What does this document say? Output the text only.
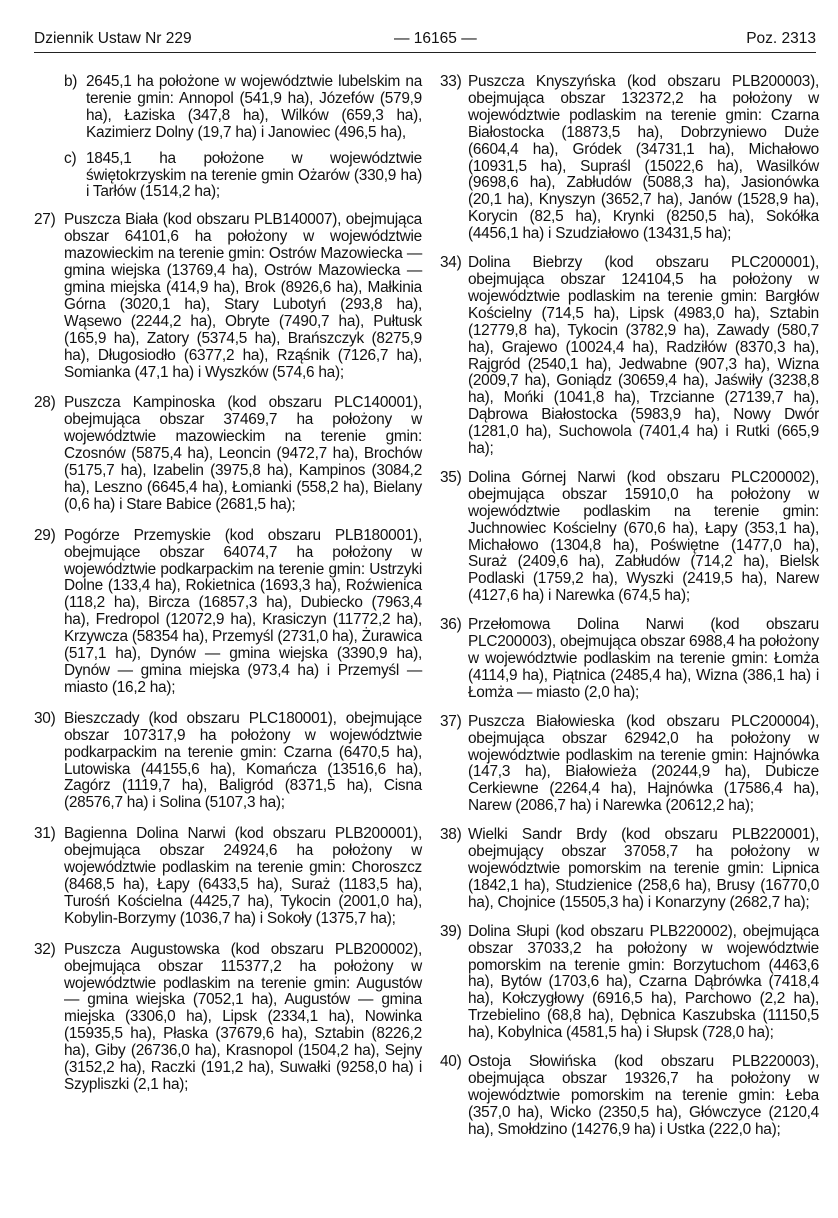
Dziennik Ustaw Nr 229	— 16165 —	Poz. 2313
b) 2645,1 ha położone w województwie lubelskim na terenie gmin: Annopol (541,9 ha), Józefów (579,9 ha), Łaziska (347,8 ha), Wilków (659,3 ha), Kazimierz Dolny (19,7 ha) i Janowiec (496,5 ha),
c) 1845,1 ha położone w województwie świętokrzyskim na terenie gmin Ożarów (330,9 ha) i Tarłów (1514,2 ha);
27) Puszcza Biała (kod obszaru PLB140007), obejmująca obszar 64101,6 ha położony w województwie mazowieckim na terenie gmin: Ostrów Mazowiecka — gmina wiejska (13769,4 ha), Ostrów Mazowiecka — gmina miejska (414,9 ha), Brok (8926,6 ha), Małkinia Górna (3020,1 ha), Stary Lubotyń (293,8 ha), Wąsewo (2244,2 ha), Obryte (7490,7 ha), Pułtusk (165,9 ha), Zatory (5374,5 ha), Brańszczyk (8275,9 ha), Długosiodło (6377,2 ha), Rząśnik (7126,7 ha), Somianka (47,1 ha) i Wyszków (574,6 ha);
28) Puszcza Kampinoska (kod obszaru PLC140001), obejmująca obszar 37469,7 ha położony w województwie mazowieckim na terenie gmin: Czosnów (5875,4 ha), Leoncin (9472,7 ha), Brochów (5175,7 ha), Izabelin (3975,8 ha), Kampinos (3084,2 ha), Leszno (6645,4 ha), Łomianki (558,2 ha), Bielany (0,6 ha) i Stare Babice (2681,5 ha);
29) Pogórze Przemyskie (kod obszaru PLB180001), obejmujące obszar 64074,7 ha położony w województwie podkarpackim na terenie gmin: Ustrzyki Dolne (133,4 ha), Rokietnica (1693,3 ha), Roźwienica (118,2 ha), Bircza (16857,3 ha), Dubiecko (7963,4 ha), Fredropol (12072,9 ha), Krasiczyn (11772,2 ha), Krzywcza (58354 ha), Przemyśl (2731,0 ha), Żurawica (517,1 ha), Dynów — gmina wiejska (3390,9 ha), Dynów — gmina miejska (973,4 ha) i Przemyśl — miasto (16,2 ha);
30) Bieszczady (kod obszaru PLC180001), obejmujące obszar 107317,9 ha położony w województwie podkarpackim na terenie gmin: Czarna (6470,5 ha), Lutowiska (44155,6 ha), Komańcza (13516,6 ha), Zagórz (1119,7 ha), Baligród (8371,5 ha), Cisna (28576,7 ha) i Solina (5107,3 ha);
31) Bagienna Dolina Narwi (kod obszaru PLB200001), obejmująca obszar 24924,6 ha położony w województwie podlaskim na terenie gmin: Choroszcz (8468,5 ha), Łapy (6433,5 ha), Suraż (1183,5 ha), Turośń Kościelna (4425,7 ha), Tykocin (2001,0 ha), Kobylin-Borzymy (1036,7 ha) i Sokoły (1375,7 ha);
32) Puszcza Augustowska (kod obszaru PLB200002), obejmująca obszar 115377,2 ha położony w województwie podlaskim na terenie gmin: Augustów — gmina wiejska (7052,1 ha), Augustów — gmina miejska (3306,0 ha), Lipsk (2334,1 ha), Nowinka (15935,5 ha), Płaska (37679,6 ha), Sztabin (8226,2 ha), Giby (26736,0 ha), Krasnopol (1504,2 ha), Sejny (3152,2 ha), Raczki (191,2 ha), Suwałki (9258,0 ha) i Szypliszki (2,1 ha);
33) Puszcza Knyszyńska (kod obszaru PLB200003), obejmująca obszar 132372,2 ha położony w województwie podlaskim na terenie gmin: Czarna Białostocka (18873,5 ha), Dobrzyniewo Duże (6604,4 ha), Gródek (34731,1 ha), Michałowo (10931,5 ha), Supraśl (15022,6 ha), Wasilków (9698,6 ha), Zabłudów (5088,3 ha), Jasionówka (20,1 ha), Knyszyn (3652,7 ha), Janów (1528,9 ha), Korycin (82,5 ha), Krynki (8250,5 ha), Sokółka (4456,1 ha) i Szudziałowo (13431,5 ha);
34) Dolina Biebrzy (kod obszaru PLC200001), obejmująca obszar 124104,5 ha położony w województwie podlaskim na terenie gmin: Bargłów Kościelny (714,5 ha), Lipsk (4983,0 ha), Sztabin (12779,8 ha), Tykocin (3782,9 ha), Zawady (580,7 ha), Grajewo (10024,4 ha), Radziłów (8370,3 ha), Rajgród (2540,1 ha), Jedwabne (907,3 ha), Wizna (2009,7 ha), Goniądz (30659,4 ha), Jaświły (3238,8 ha), Mońki (1041,8 ha), Trzcianne (27139,7 ha), Dąbrowa Białostocka (5983,9 ha), Nowy Dwór (1281,0 ha), Suchowola (7401,4 ha) i Rutki (665,9 ha);
35) Dolina Górnej Narwi (kod obszaru PLC200002), obejmująca obszar 15910,0 ha położony w województwie podlaskim na terenie gmin: Juchnowiec Kościelny (670,6 ha), Łapy (353,1 ha), Michałowo (1304,8 ha), Poświętne (1477,0 ha), Suraż (2409,6 ha), Zabłudów (714,2 ha), Bielsk Podlaski (1759,2 ha), Wyszki (2419,5 ha), Narew (4127,6 ha) i Narewka (674,5 ha);
36) Przełomowa Dolina Narwi (kod obszaru PLC200003), obejmująca obszar 6988,4 ha położony w województwie podlaskim na terenie gmin: Łomża (4114,9 ha), Piątnica (2485,4 ha), Wizna (386,1 ha) i Łomża — miasto (2,0 ha);
37) Puszcza Białowieska (kod obszaru PLC200004), obejmująca obszar 62942,0 ha położony w województwie podlaskim na terenie gmin: Hajnówka (147,3 ha), Białowieża (20244,9 ha), Dubicze Cerkiewne (2264,4 ha), Hajnówka (17586,4 ha), Narew (2086,7 ha) i Narewka (20612,2 ha);
38) Wielki Sandr Brdy (kod obszaru PLB220001), obejmujący obszar 37058,7 ha położony w województwie pomorskim na terenie gmin: Lipnica (1842,1 ha), Studzienice (258,6 ha), Brusy (16770,0 ha), Chojnice (15505,3 ha) i Konarzyny (2682,7 ha);
39) Dolina Słupi (kod obszaru PLB220002), obejmująca obszar 37033,2 ha położony w województwie pomorskim na terenie gmin: Borzytuchom (4463,6 ha), Bytów (1703,6 ha), Czarna Dąbrówka (7418,4 ha), Kołczygłowy (6916,5 ha), Parchowo (2,2 ha), Trzebielino (68,8 ha), Dębnica Kaszubska (11150,5 ha), Kobylnica (4581,5 ha) i Słupsk (728,0 ha);
40) Ostoja Słowińska (kod obszaru PLB220003), obejmująca obszar 19326,7 ha położony w województwie pomorskim na terenie gmin: Łeba (357,0 ha), Wicko (2350,5 ha), Główczyce (2120,4 ha), Smołdzino (14276,9 ha) i Ustka (222,0 ha);
